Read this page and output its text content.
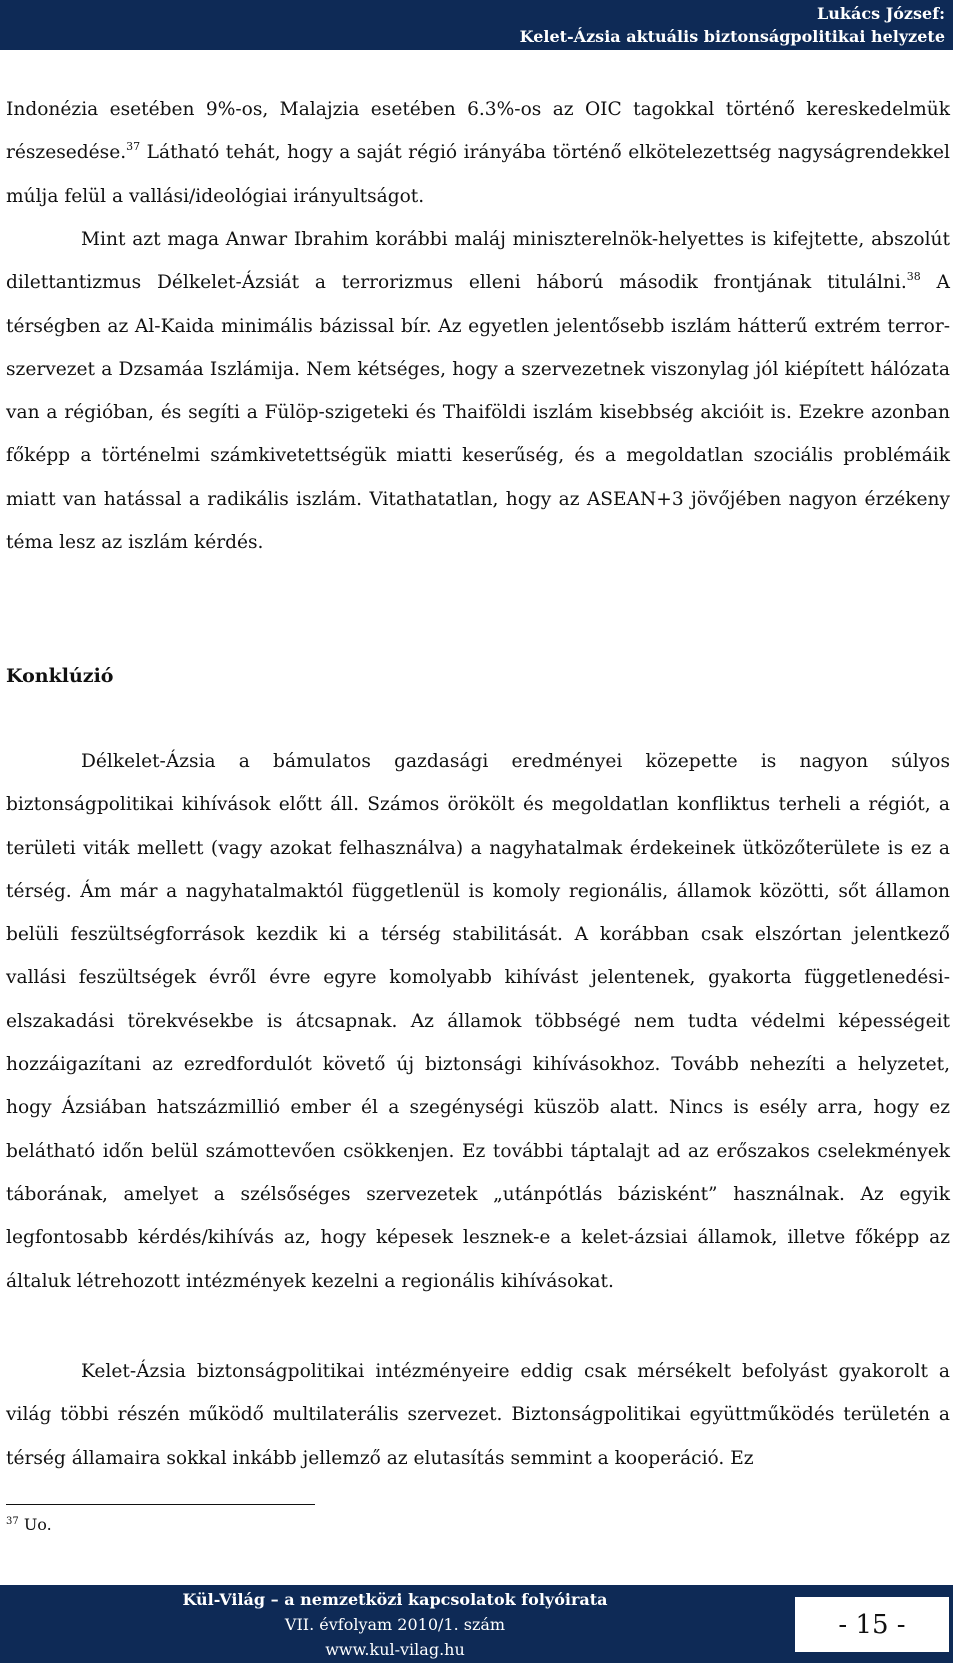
Lukács József:
Kelet-Ázsia aktuális biztonságpolitikai helyzete

Indonézia esetében 9%-os, Malajzia esetében 6.3%-os az OIC tagokkal történő kereskedelmük részesedése.$^{37}$ Látható tehát, hogy a saját régió irányába történő elkötelezettség nagyságrendekkel múlja felül a vallási/ideológiai irányultságot.

Mint azt maga Anwar Ibrahim korábbi maláj miniszterelnök-helyettes is kifejtette, abszolút dilettantizmus Délkelet-Ázsiát a terrorizmus elleni háború második frontjának titulálni.$^{38}$ A térségben az Al-Kaida minimális bázissal bír. Az egyetlen jelentősebb iszlám hátterű extrém terror-szervezet a Dzsamáa Iszlámija. Nem kétséges, hogy a szervezetnek viszonylag jól kiépített hálózata van a régióban, és segíti a Fülöp-szigeteki és Thaiföldi iszlám kisebbség akcióit is. Ezekre azonban főképp a történelmi számkivetettségük miatti keserűség, és a megoldatlan szociális problémáik miatt van hatással a radikális iszlám. Vitathatatlan, hogy az ASEAN+3 jövőjében nagyon érzékeny téma lesz az iszlám kérdés.

Konklúzió

Délkelet-Ázsia a bámulatos gazdasági eredményei közepette is nagyon súlyos biztonságpolitikai kihívások előtt áll. Számos örökölt és megoldatlan konfliktus terheli a régiót, a területi viták mellett (vagy azokat felhasználva) a nagyhatalmak érdekeinek ütközőterülete is ez a térség. Ám már a nagyhatalmaktól függetlenül is komoly regionális, államok közötti, sőt államon belüli feszültségforrások kezdik ki a térség stabilitását. A korábban csak elszórtan jelentkező vallási feszültségek évről évre egyre komolyabb kihívást jelentenek, gyakorta függetlenedési-elszakadási törekvésekbe is átcsapnak. Az államok többségé nem tudta védelmi képességeit hozzáigazítani az ezredfordulót követő új biztonsági kihívásokhoz. Tovább nehezíti a helyzetet, hogy Ázsiában hatszázmillió ember él a szegénységi küszöb alatt. Nincs is esély arra, hogy ez belátható időn belül számottevően csökkenjen. Ez további táptalajt ad az erőszakos cselekmények táborának, amelyet a szélsőséges szervezetek „utánpótlás bázisként” használnak. Az egyik legfontosabb kérdés/kihívás az, hogy képesek lesznek-e a kelet-ázsiai államok, illetve főképp az általuk létrehozott intézmények kezelni a regionális kihívásokat.

Kelet-Ázsia biztonságpolitikai intézményeire eddig csak mérsékelt befolyást gyakorolt a világ többi részén működő multilaterális szervezet. Biztonságpolitikai együttműködés területén a térség államaira sokkal inkább jellemző az elutasítás semmint a kooperáció. Ez

$^{37}$ Uo.
Kül-Világ – a nemzetközi kapcsolatok folyóirata
VII. évfolyam 2010/1. szám
www.kul-vilag.hu
- 15 -
